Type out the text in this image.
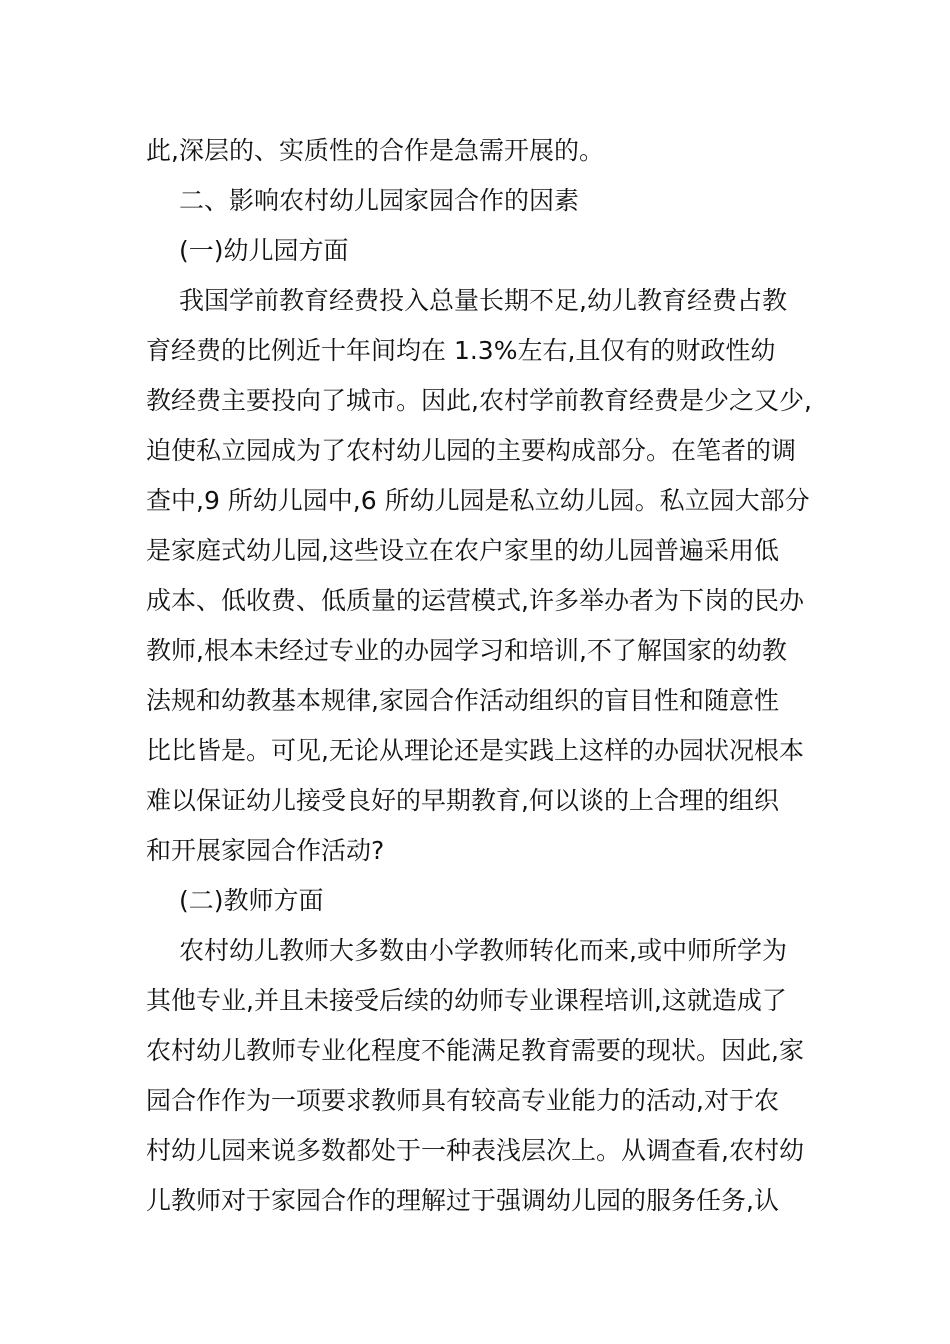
此,深层的、实质性的合作是急需开展的。
二、影响农村幼儿园家园合作的因素
(一)幼儿园方面
我国学前教育经费投入总量长期不足,幼儿教育经费占教
育经费的比例近十年间均在 1.3%左右,且仅有的财政性幼
教经费主要投向了城市。因此,农村学前教育经费是少之又少,
迫使私立园成为了农村幼儿园的主要构成部分。在笔者的调
查中,9 所幼儿园中,6 所幼儿园是私立幼儿园。私立园大部分
是家庭式幼儿园,这些设立在农户家里的幼儿园普遍采用低
成本、低收费、低质量的运营模式,许多举办者为下岗的民办
教师,根本未经过专业的办园学习和培训,不了解国家的幼教
法规和幼教基本规律,家园合作活动组织的盲目性和随意性
比比皆是。可见,无论从理论还是实践上这样的办园状况根本
难以保证幼儿接受良好的早期教育,何以谈的上合理的组织
和开展家园合作活动?
(二)教师方面
农村幼儿教师大多数由小学教师转化而来,或中师所学为
其他专业,并且未接受后续的幼师专业课程培训,这就造成了
农村幼儿教师专业化程度不能满足教育需要的现状。因此,家
园合作作为一项要求教师具有较高专业能力的活动,对于农
村幼儿园来说多数都处于一种表浅层次上。从调查看,农村幼
儿教师对于家园合作的理解过于强调幼儿园的服务任务,认
